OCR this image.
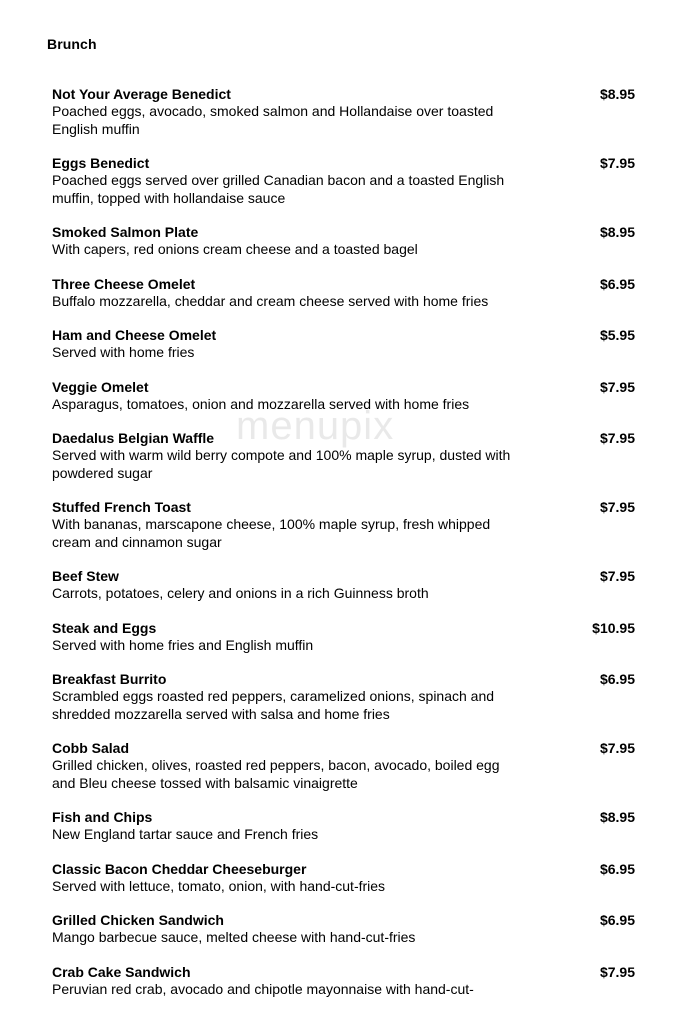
Brunch
Not Your Average Benedict	$8.95
Poached eggs, avocado, smoked salmon and Hollandaise over toasted English muffin
Eggs Benedict	$7.95
Poached eggs served over grilled Canadian bacon and a toasted English muffin, topped with hollandaise sauce
Smoked Salmon Plate	$8.95
With capers, red onions cream cheese and a toasted bagel
Three Cheese Omelet	$6.95
Buffalo mozzarella, cheddar and cream cheese served with home fries
Ham and Cheese Omelet	$5.95
Served with home fries
Veggie Omelet	$7.95
Asparagus, tomatoes, onion and mozzarella served with home fries
Daedalus Belgian Waffle	$7.95
Served with warm wild berry compote and 100% maple syrup, dusted with powdered sugar
Stuffed French Toast	$7.95
With bananas, marscapone cheese, 100% maple syrup, fresh whipped cream and cinnamon sugar
Beef Stew	$7.95
Carrots, potatoes, celery and onions in a rich Guinness broth
Steak and Eggs	$10.95
Served with home fries and English muffin
Breakfast Burrito	$6.95
Scrambled eggs roasted red peppers, caramelized onions, spinach and shredded mozzarella served with salsa and home fries
Cobb Salad	$7.95
Grilled chicken, olives, roasted red peppers, bacon, avocado, boiled egg and Bleu cheese tossed with balsamic vinaigrette
Fish and Chips	$8.95
New England tartar sauce and French fries
Classic Bacon Cheddar Cheeseburger	$6.95
Served with lettuce, tomato, onion, with hand-cut-fries
Grilled Chicken Sandwich	$6.95
Mango barbecue sauce, melted cheese with hand-cut-fries
Crab Cake Sandwich	$7.95
Peruvian red crab, avocado and chipotle mayonnaise with hand-cut-
menupix
